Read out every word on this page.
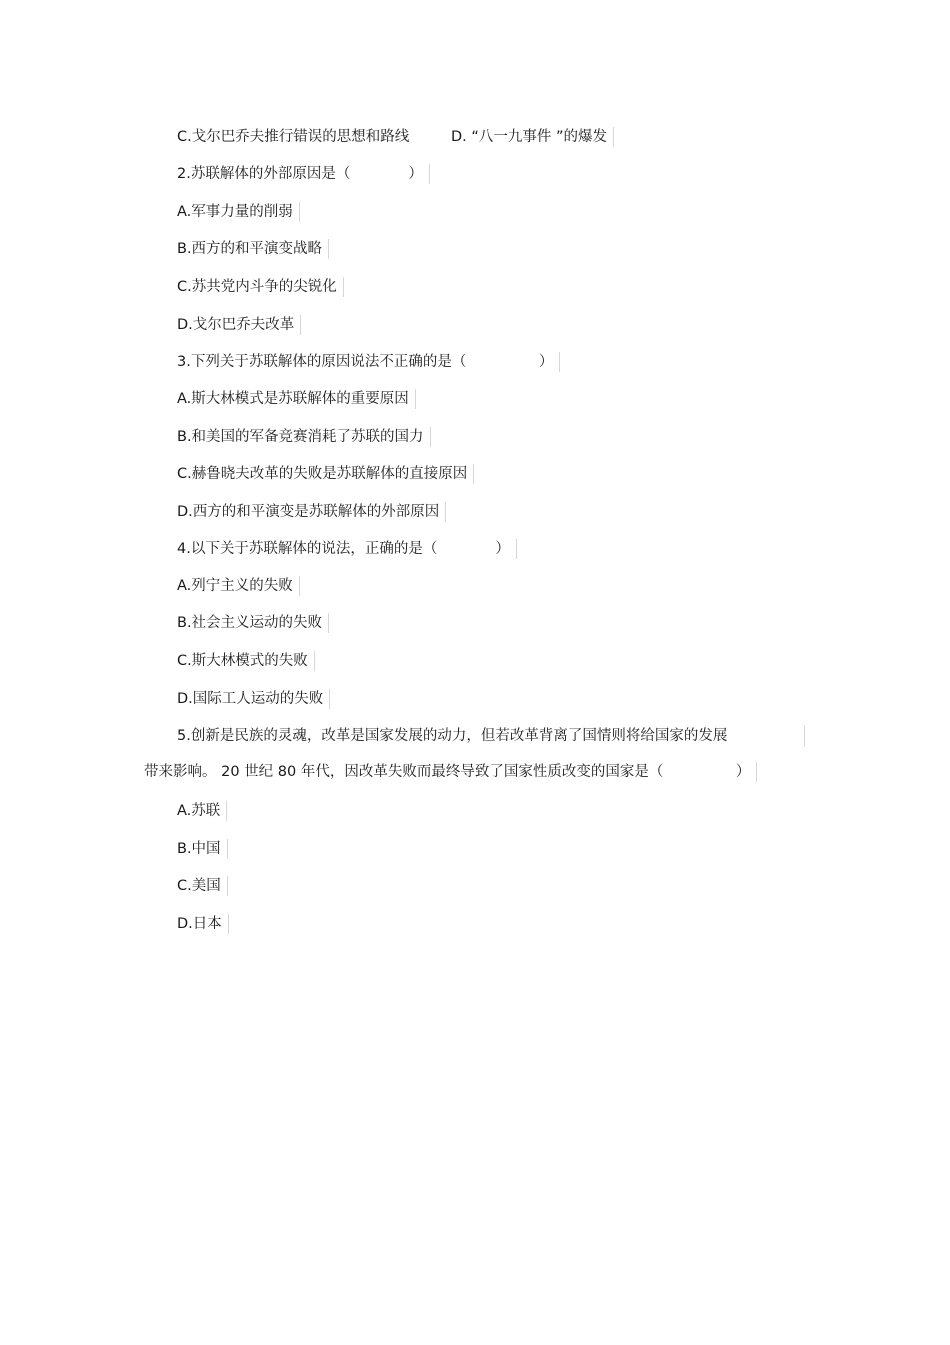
C.戈尔巴乔夫推行错误的思想和路线	D. “八一九事件 ”的爆发
2.苏联解体的外部原因是（　　　　）
A.军事力量的削弱
B.西方的和平演变战略
C.苏共党内斗争的尖锐化
D.戈尔巴乔夫改革
3.下列关于苏联解体的原因说法不正确的是（　　　　　）
A.斯大林模式是苏联解体的重要原因
B.和美国的军备竞赛消耗了苏联的国力
C.赫鲁晓夫改革的失败是苏联解体的直接原因
D.西方的和平演变是苏联解体的外部原因
4.以下关于苏联解体的说法，正确的是（　　　　）
A.列宁主义的失败
B.社会主义运动的失败
C.斯大林模式的失败
D.国际工人运动的失败
5.创新是民族的灵魂，改革是国家发展的动力，但若改革背离了国情则将给国家的发展
带来影响。 20 世纪 80 年代，因改革失败而最终导致了国家性质改变的国家是（　　　　　）
A.苏联
B.中国
C.美国
D.日本
